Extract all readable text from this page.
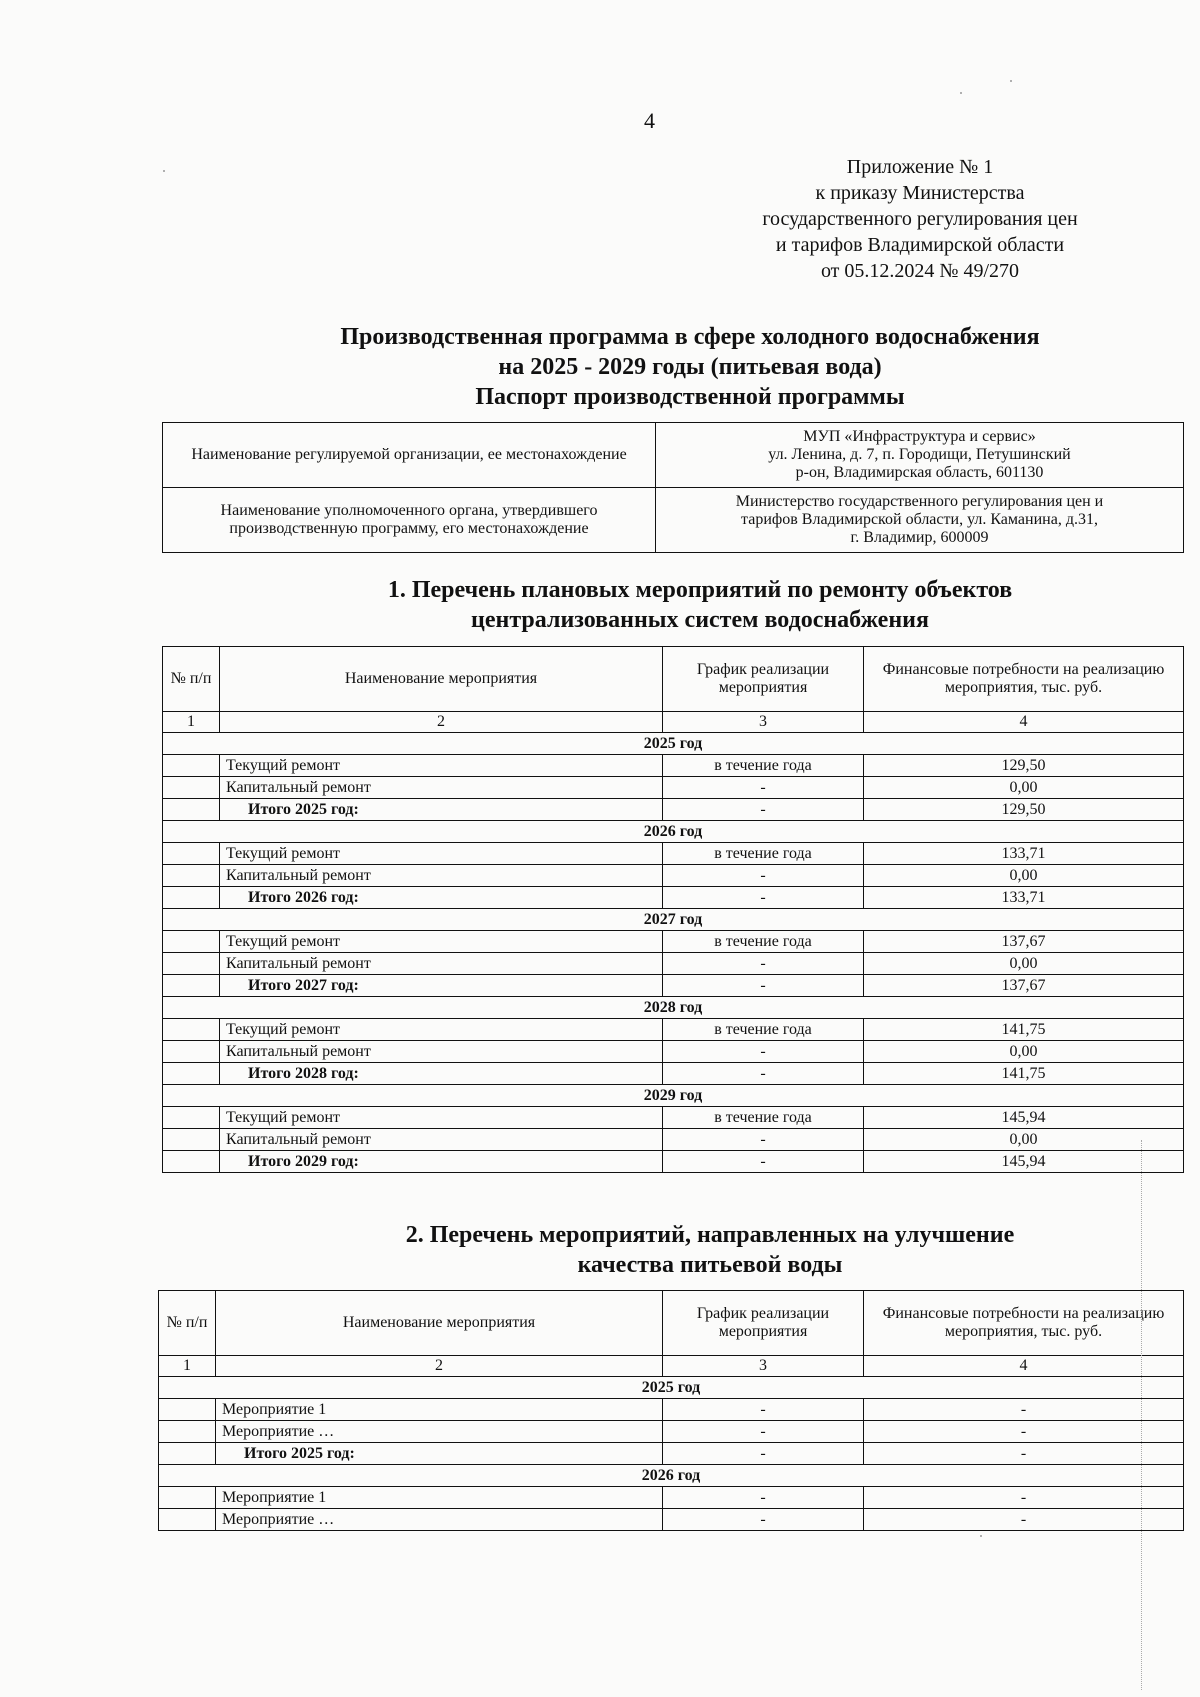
4
Приложение № 1
к приказу Министерства
государственного регулирования цен
и тарифов Владимирской области
от 05.12.2024 № 49/270
Производственная программа в сфере холодного водоснабжения
на 2025 - 2029 годы (питьевая вода)
Паспорт производственной программы
Наименование регулируемой организации, ее местонахождение	МУП «Инфраструктура и сервис»
ул. Ленина, д. 7, п. Городищи, Петушинский
р-он, Владимирская область, 601130

Наименование уполномоченного органа, утвердившего производственную программу, его местонахождение	Министерство государственного регулирования цен и
тарифов Владимирской области, ул. Каманина, д.31,
г. Владимир, 600009
1. Перечень плановых мероприятий по ремонту объектов
централизованных систем водоснабжения
№ п/п	Наименование мероприятия	График реализации мероприятия	Финансовые потребности на реализацию мероприятия, тыс. руб.
1	2	3	4
2025 год			
	Текущий ремонт	в течение года	129,50
	Капитальный ремонт	-	0,00
	Итого 2025 год:	-	129,50
2026 год			
	Текущий ремонт	в течение года	133,71
	Капитальный ремонт	-	0,00
	Итого 2026 год:	-	133,71
2027 год			
	Текущий ремонт	в течение года	137,67
	Капитальный ремонт	-	0,00
	Итого 2027 год:	-	137,67
2028 год			
	Текущий ремонт	в течение года	141,75
	Капитальный ремонт	-	0,00
	Итого 2028 год:	-	141,75
2029 год			
	Текущий ремонт	в течение года	145,94
	Капитальный ремонт	-	0,00
	Итого 2029 год:	-	145,94
2. Перечень мероприятий, направленных на улучшение
качества питьевой воды
№ п/п	Наименование мероприятия	График реализации мероприятия	Финансовые потребности на реализацию мероприятия, тыс. руб.
1	2	3	4
2025 год			
	Мероприятие 1	-	-
	Мероприятие …	-	-
	Итого 2025 год:	-	-
2026 год			
	Мероприятие 1	-	-
	Мероприятие …	-	-
